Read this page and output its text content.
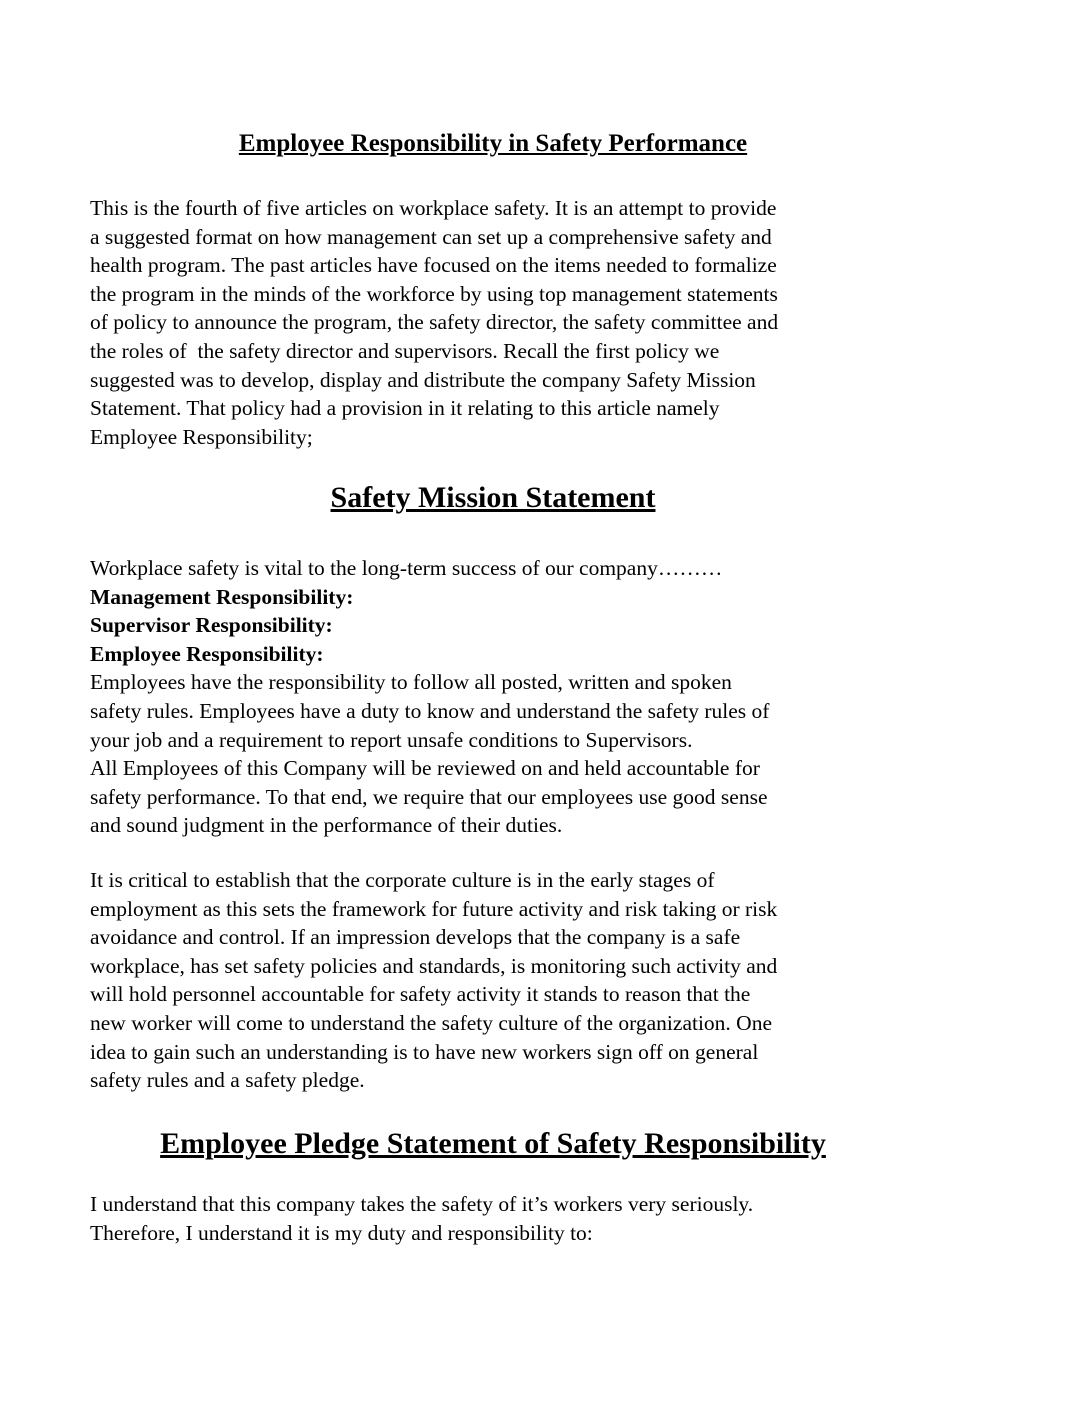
Employee Responsibility in Safety Performance
This is the fourth of five articles on workplace safety. It is an attempt to provide
a suggested format on how management can set up a comprehensive safety and
health program. The past articles have focused on the items needed to formalize
the program in the minds of the workforce by using top management statements
of policy to announce the program, the safety director, the safety committee and
the roles of  the safety director and supervisors. Recall the first policy we
suggested was to develop, display and distribute the company Safety Mission
Statement. That policy had a provision in it relating to this article namely
Employee Responsibility;
Safety Mission Statement
Workplace safety is vital to the long-term success of our company………
Management Responsibility:
Supervisor Responsibility:
Employee Responsibility:
Employees have the responsibility to follow all posted, written and spoken
safety rules. Employees have a duty to know and understand the safety rules of
your job and a requirement to report unsafe conditions to Supervisors.
All Employees of this Company will be reviewed on and held accountable for
safety performance. To that end, we require that our employees use good sense
and sound judgment in the performance of their duties.
It is critical to establish that the corporate culture is in the early stages of
employment as this sets the framework for future activity and risk taking or risk
avoidance and control. If an impression develops that the company is a safe
workplace, has set safety policies and standards, is monitoring such activity and
will hold personnel accountable for safety activity it stands to reason that the
new worker will come to understand the safety culture of the organization. One
idea to gain such an understanding is to have new workers sign off on general
safety rules and a safety pledge.
Employee Pledge Statement of Safety Responsibility
I understand that this company takes the safety of it’s workers very seriously.
Therefore, I understand it is my duty and responsibility to:
